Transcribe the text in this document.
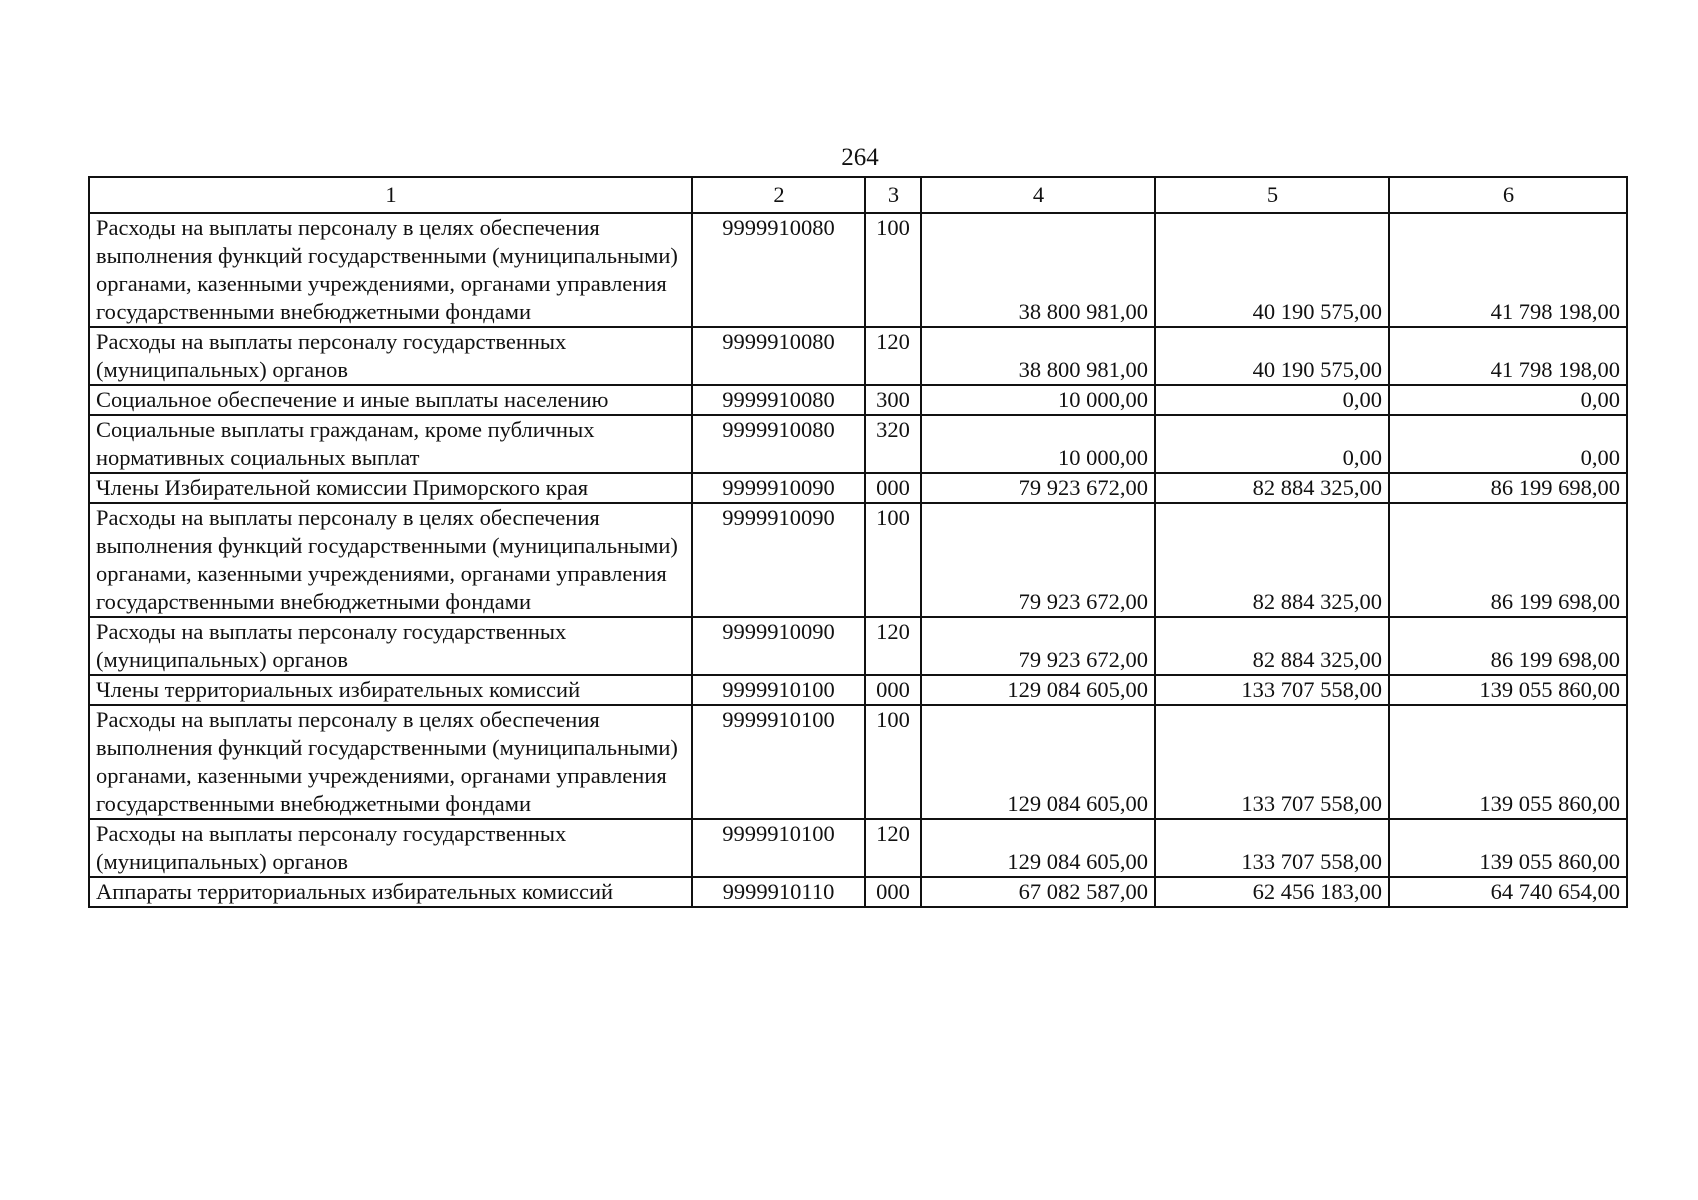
264
1	2	3	4	5	6
Расходы на выплаты персоналу в целях обеспечения выполнения функций государственными (муниципальными) органами, казенными учреждениями, органами управления государственными внебюджетными фондами	9999910080	100	38 800 981,00	40 190 575,00	41 798 198,00
Расходы на выплаты персоналу государственных (муниципальных) органов	9999910080	120	38 800 981,00	40 190 575,00	41 798 198,00
Социальное обеспечение и иные выплаты населению	9999910080	300	10 000,00	0,00	0,00
Социальные выплаты гражданам, кроме публичных нормативных социальных выплат	9999910080	320	10 000,00	0,00	0,00
Члены Избирательной комиссии Приморского края	9999910090	000	79 923 672,00	82 884 325,00	86 199 698,00
Расходы на выплаты персоналу в целях обеспечения выполнения функций государственными (муниципальными) органами, казенными учреждениями, органами управления государственными внебюджетными фондами	9999910090	100	79 923 672,00	82 884 325,00	86 199 698,00
Расходы на выплаты персоналу государственных (муниципальных) органов	9999910090	120	79 923 672,00	82 884 325,00	86 199 698,00
Члены территориальных избирательных комиссий	9999910100	000	129 084 605,00	133 707 558,00	139 055 860,00
Расходы на выплаты персоналу в целях обеспечения выполнения функций государственными (муниципальными) органами, казенными учреждениями, органами управления государственными внебюджетными фондами	9999910100	100	129 084 605,00	133 707 558,00	139 055 860,00
Расходы на выплаты персоналу государственных (муниципальных) органов	9999910100	120	129 084 605,00	133 707 558,00	139 055 860,00
Аппараты территориальных избирательных комиссий	9999910110	000	67 082 587,00	62 456 183,00	64 740 654,00
